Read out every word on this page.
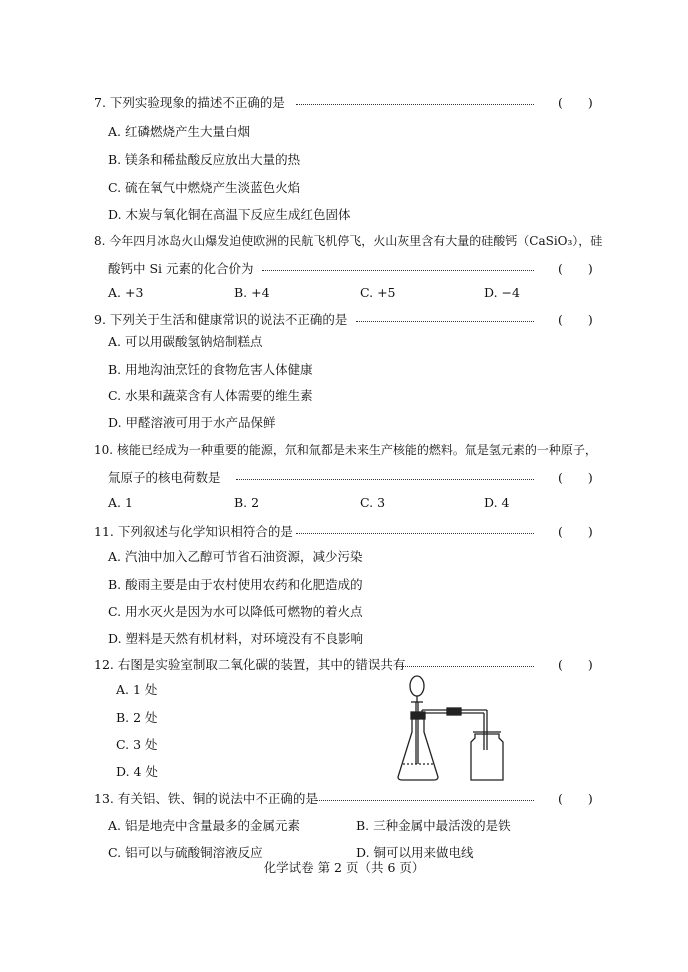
7. 下列实验现象的描述不正确的是	(　　)
A. 红磷燃烧产生大量白烟
B. 镁条和稀盐酸反应放出大量的热
C. 硫在氧气中燃烧产生淡蓝色火焰
D. 木炭与氧化铜在高温下反应生成红色固体
8. 今年四月冰岛火山爆发迫使欧洲的民航飞机停飞，火山灰里含有大量的硅酸钙（CaSiO₃），硅
酸钙中 Si 元素的化合价为	(　　)
A. +3	B. +4	C. +5	D. −4
9. 下列关于生活和健康常识的说法不正确的是	(　　)
A. 可以用碳酸氢钠焙制糕点
B. 用地沟油烹饪的食物危害人体健康
C. 水果和蔬菜含有人体需要的维生素
D. 甲醛溶液可用于水产品保鲜
10. 核能已经成为一种重要的能源，氘和氚都是未来生产核能的燃料。氚是氢元素的一种原子，
氚原子的核电荷数是	(　　)
A. 1	B. 2	C. 3	D. 4
11. 下列叙述与化学知识相符合的是	(　　)
A. 汽油中加入乙醇可节省石油资源，减少污染
B. 酸雨主要是由于农村使用农药和化肥造成的
C. 用水灭火是因为水可以降低可燃物的着火点
D. 塑料是天然有机材料，对环境没有不良影响
12. 右图是实验室制取二氧化碳的装置，其中的错误共有	(　　)
A. 1 处
B. 2 处
C. 3 处
D. 4 处
13. 有关铝、铁、铜的说法中不正确的是	(　　)
A. 铝是地壳中含量最多的金属元素	B. 三种金属中最活泼的是铁
C. 铝可以与硫酸铜溶液反应	D. 铜可以用来做电线
化学试卷 第 2 页（共 6 页）
